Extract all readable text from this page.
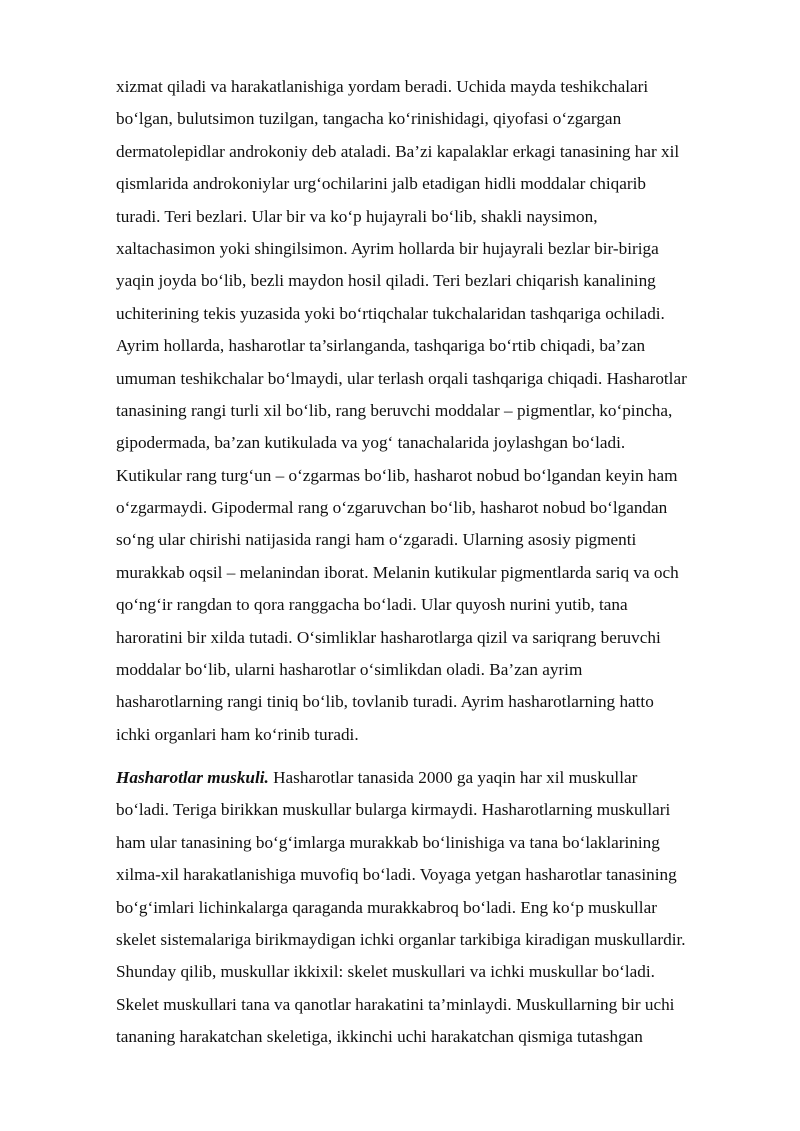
xizmat qiladi va harakatlanishiga yordam beradi. Uchida mayda teshikchalari
bo‘lgan, bulutsimon tuzilgan, tangacha ko‘rinishidagi, qiyofasi o‘zgargan
dermatolepidlar androkoniy deb ataladi. Ba’zi kapalaklar erkagi tanasining har xil
qismlarida androkoniylar urg‘ochilarini jalb etadigan hidli moddalar chiqarib
turadi. Teri bezlari. Ular bir va ko‘p hujayrali bo‘lib, shakli naysimon,
xaltachasimon yoki shingilsimon. Ayrim hollarda bir hujayrali bezlar bir-biriga
yaqin joyda bo‘lib, bezli maydon hosil qiladi. Teri bezlari chiqarish kanalining
uchiterining tekis yuzasida yoki bo‘rtiqchalar tukchalaridan tashqariga ochiladi.
Ayrim hollarda, hasharotlar ta’sirlanganda, tashqariga bo‘rtib chiqadi, ba’zan
umuman teshikchalar bo‘lmaydi, ular terlash orqali tashqariga chiqadi. Hasharotlar
tanasining rangi turli xil bo‘lib, rang beruvchi moddalar – pigmentlar, ko‘pincha,
gipodermada, ba’zan kutikulada va yog‘ tanachalarida joylashgan bo‘ladi.
Kutikular rang turg‘un – o‘zgarmas bo‘lib, hasharot nobud bo‘lgandan keyin ham
o‘zgarmaydi. Gipodermal rang o‘zgaruvchan bo‘lib, hasharot nobud bo‘lgandan
so‘ng ular chirishi natijasida rangi ham o‘zgaradi. Ularning asosiy pigmenti
murakkab oqsil – melanindan iborat. Melanin kutikular pigmentlarda sariq va och
qo‘ng‘ir rangdan to qora ranggacha bo‘ladi. Ular quyosh nurini yutib, tana
haroratini bir xilda tutadi. O‘simliklar hasharotlarga qizil va sariqrang beruvchi
moddalar bo‘lib, ularni hasharotlar o‘simlikdan oladi. Ba’zan ayrim
hasharotlarning rangi tiniq bo‘lib, tovlanib turadi. Ayrim hasharotlarning hatto
ichki organlari ham ko‘rinib turadi.
Hasharotlar muskuli. Hasharotlar tanasida 2000 ga yaqin har xil muskullar
bo‘ladi. Teriga birikkan muskullar bularga kirmaydi. Hasharotlarning muskullari
ham ular tanasining bo‘g‘imlarga murakkab bo‘linishiga va tana bo‘laklarining
xilma-xil harakatlanishiga muvofiq bo‘ladi. Voyaga yetgan hasharotlar tanasining
bo‘g‘imlari lichinkalarga qaraganda murakkabroq bo‘ladi. Eng ko‘p muskullar
skelet sistemalariga birikmaydigan ichki organlar tarkibiga kiradigan muskullardir.
Shunday qilib, muskullar ikkixil: skelet muskullari va ichki muskullar bo‘ladi.
Skelet muskullari tana va qanotlar harakatini ta’minlaydi. Muskullarning bir uchi
tananing harakatchan skeletiga, ikkinchi uchi harakatchan qismiga tutashgan
